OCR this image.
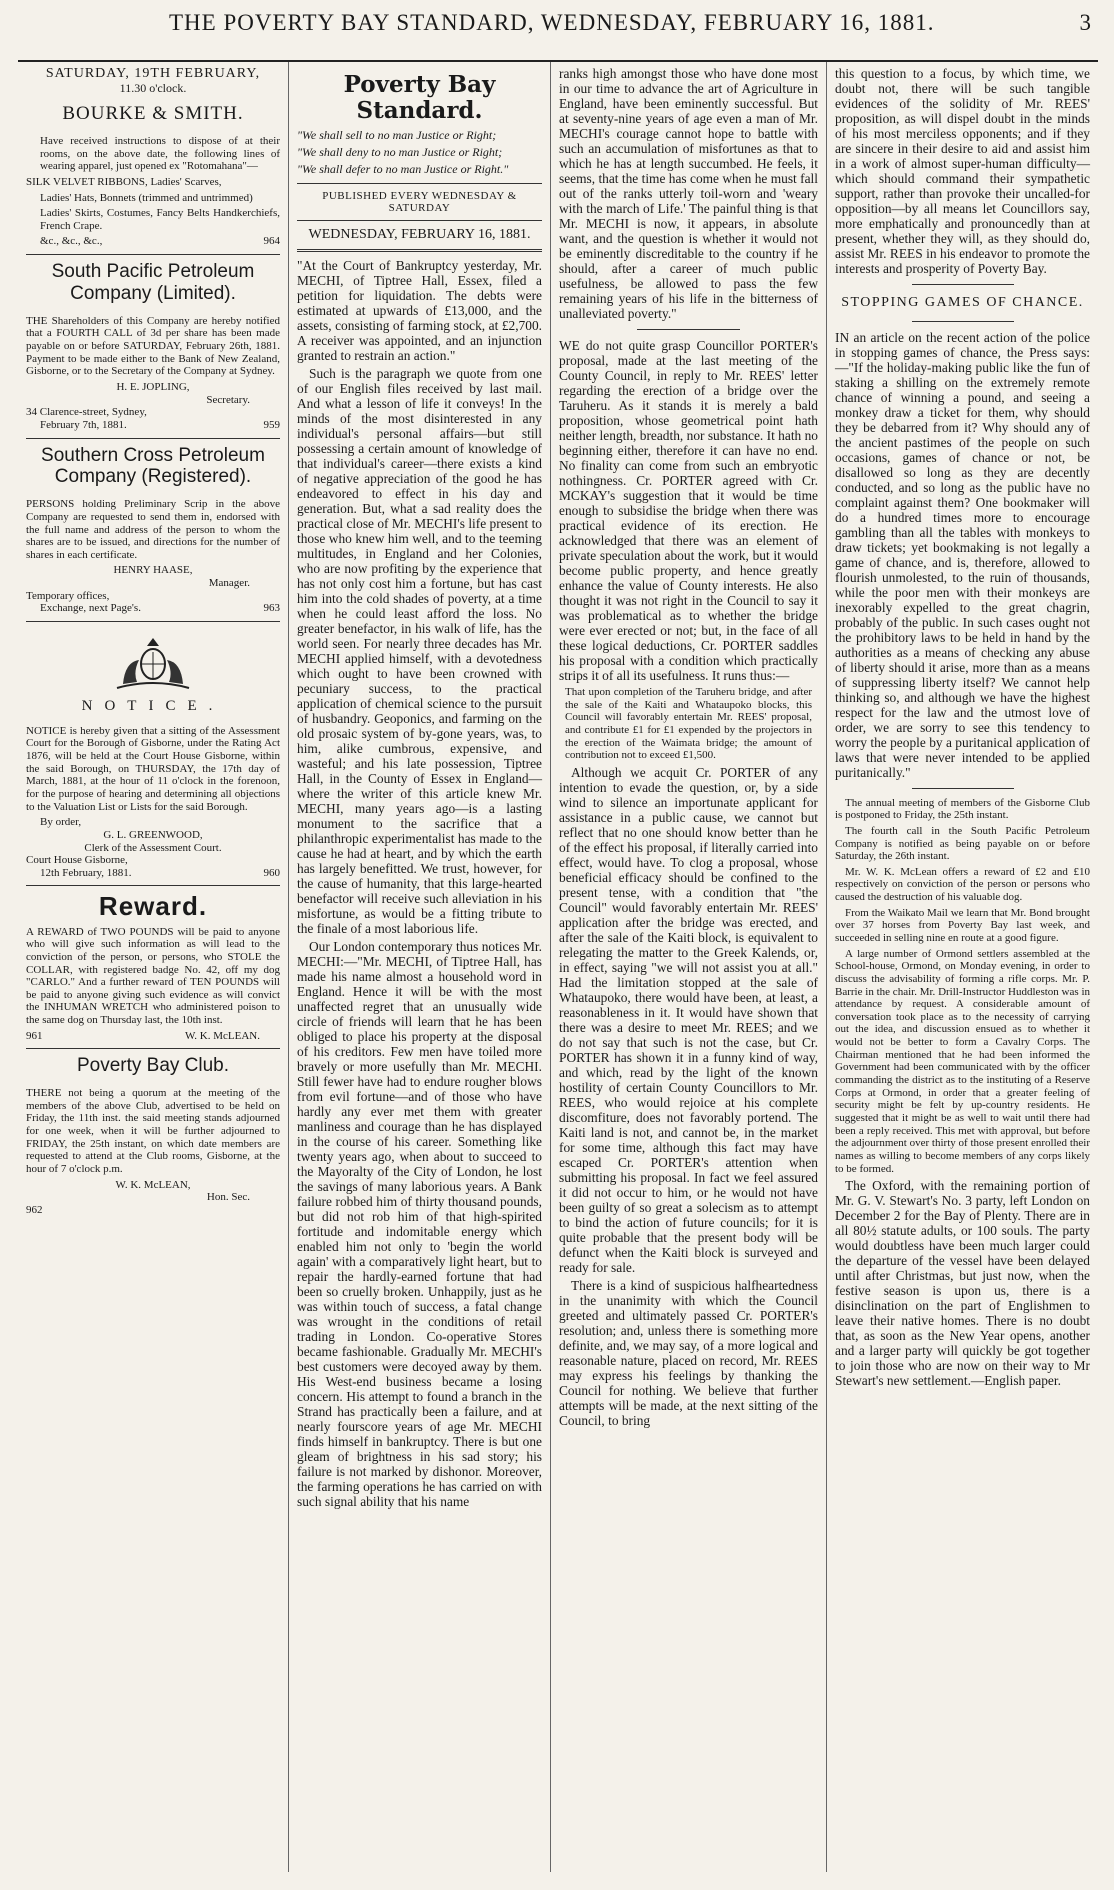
THE POVERTY BAY STANDARD, WEDNESDAY, FEBRUARY 16, 1881.	3
SATURDAY, 19TH FEBRUARY,
11.30 o'clock.
BOURKE & SMITH.

Have received instructions to dispose of at their rooms, on the above date, the following lines of wearing apparel, just opened ex "Rotomahana"—

SILK VELVET RIBBONS, Ladies' Scarves,

Ladies' Hats, Bonnets (trimmed and untrimmed)

Ladies' Skirts, Costumes, Fancy Belts Handkerchiefs, French Crape.

&c., &c., &c.,	964
South Pacific Petroleum Company (Limited).

THE Shareholders of this Company are hereby notified that a FOURTH CALL of 3d per share has been made payable on or before SATURDAY, February 26th, 1881. Payment to be made either to the Bank of New Zealand, Gisborne, or to the Secretary of the Company at Sydney.

H. E. JOPLING,
Secretary.
34 Clarence-street, Sydney,
February 7th, 1881.	959
Southern Cross Petroleum Company (Registered).

PERSONS holding Preliminary Scrip in the above Company are requested to send them in, endorsed with the full name and address of the person to whom the shares are to be issued, and directions for the number of shares in each certificate.

HENRY HAASE,
Manager.
Temporary offices,
Exchange, next Page's.	963
NOTICE.

NOTICE is hereby given that a sitting of the Assessment Court for the Borough of Gisborne, under the Rating Act 1876, will be held at the Court House Gisborne, within the said Borough, on THURSDAY, the 17th day of March, 1881, at the hour of 11 o'clock in the forenoon, for the purpose of hearing and determining all objections to the Valuation List or Lists for the said Borough.

By order,
G. L. GREENWOOD,
Clerk of the Assessment Court.
Court House Gisborne,
12th February, 1881.	960
Reward.

A REWARD of TWO POUNDS will be paid to anyone who will give such information as will lead to the conviction of the person, or persons, who STOLE the COLLAR, with registered badge No. 42, off my dog "CARLO." And a further reward of TEN POUNDS will be paid to anyone giving such evidence as will convict the INHUMAN WRETCH who administered poison to the same dog on Thursday last, the 10th inst.

961	W. K. McLEAN.
Poverty Bay Club.

THERE not being a quorum at the meeting of the members of the above Club, advertised to be held on Friday, the 11th inst. the said meeting stands adjourned for one week, when it will be further adjourned to FRIDAY, the 25th instant, on which date members are requested to attend at the Club rooms, Gisborne, at the hour of 7 o'clock p.m.

W. K. McLEAN,
Hon. Sec.
962
Poverty Bay Standard.
"We shall sell to no man Justice or Right;
"We shall deny to no man Justice or Right;
"We shall defer to no man Justice or Right."
PUBLISHED EVERY WEDNESDAY & SATURDAY
WEDNESDAY, FEBRUARY 16, 1881.

"At the Court of Bankruptcy yesterday, Mr. MECHI, of Tiptree Hall, Essex, filed a petition for liquidation. The debts were estimated at upwards of £13,000, and the assets, consisting of farming stock, at £2,700. A receiver was appointed, and an injunction granted to restrain an action."

Such is the paragraph we quote from one of our English files received by last mail. And what a lesson of life it conveys! In the minds of the most disinterested in any individual's personal affairs—but still possessing a certain amount of knowledge of that individual's career—there exists a kind of negative appreciation of the good he has endeavored to effect in his day and generation. But, what a sad reality does the practical close of Mr. MECHI's life present to those who knew him well, and to the teeming multitudes, in England and her Colonies, who are now profiting by the experience that has not only cost him a fortune, but has cast him into the cold shades of poverty, at a time when he could least afford the loss. No greater benefactor, in his walk of life, has the world seen. For nearly three decades has Mr. MECHI applied himself, with a devotedness which ought to have been crowned with pecuniary success, to the practical application of chemical science to the pursuit of husbandry. Geoponics, and farming on the old prosaic system of by-gone years, was, to him, alike cumbrous, expensive, and wasteful; and his late possession, Tiptree Hall, in the County of Essex in England—where the writer of this article knew Mr. MECHI, many years ago—is a lasting monument to the sacrifice that a philanthropic experimentalist has made to the cause he had at heart, and by which the earth has largely benefitted. We trust, however, for the cause of humanity, that this large-hearted benefactor will receive such alleviation in his misfortune, as would be a fitting tribute to the finale of a most laborious life.

Our London contemporary thus notices Mr. MECHI:—"Mr. MECHI, of Tiptree Hall, has made his name almost a household word in England. Hence it will be with the most unaffected regret that an unusually wide circle of friends will learn that he has been obliged to place his property at the disposal of his creditors. Few men have toiled more bravely or more usefully than Mr. MECHI. Still fewer have had to endure rougher blows from evil fortune—and of those who have hardly any ever met them with greater manliness and courage than he has displayed in the course of his career. Something like twenty years ago, when about to succeed to the Mayoralty of the City of London, he lost the savings of many laborious years. A Bank failure robbed him of thirty thousand pounds, but did not rob him of that high-spirited fortitude and indomitable energy which enabled him not only to 'begin the world again' with a comparatively light heart, but to repair the hardly-earned fortune that had been so cruelly broken. Unhappily, just as he was within touch of success, a fatal change was wrought in the conditions of retail trading in London. Co-operative Stores became fashionable. Gradually Mr. MECHI's best customers were decoyed away by them. His West-end business became a losing concern. His attempt to found a branch in the Strand has practically been a failure, and at nearly fourscore years of age Mr. MECHI finds himself in bankruptcy. There is but one gleam of brightness in his sad story; his failure is not marked by dishonor. Moreover, the farming operations he has carried on with such signal ability that his name

ranks high amongst those who have done most in our time to advance the art of Agriculture in England, have been eminently successful. But at seventy-nine years of age even a man of Mr. MECHI's courage cannot hope to battle with such an accumulation of misfortunes as that to which he has at length succumbed. He feels, it seems, that the time has come when he must fall out of the ranks utterly toil-worn and 'weary with the march of Life.' The painful thing is that Mr. MECHI is now, it appears, in absolute want, and the question is whether it would not be eminently discreditable to the country if he should, after a career of much public usefulness, be allowed to pass the few remaining years of his life in the bitterness of unalleviated poverty."

WE do not quite grasp Councillor PORTER's proposal, made at the last meeting of the County Council, in reply to Mr. REES' letter regarding the erection of a bridge over the Taruheru. As it stands it is merely a bald proposition, whose geometrical point hath neither length, breadth, nor substance. It hath no beginning either, therefore it can have no end. No finality can come from such an embryotic nothingness. Cr. PORTER agreed with Cr. MCKAY's suggestion that it would be time enough to subsidise the bridge when there was practical evidence of its erection. He acknowledged that there was an element of private speculation about the work, but it would become public property, and hence greatly enhance the value of County interests. He also thought it was not right in the Council to say it was problematical as to whether the bridge were ever erected or not; but, in the face of all these logical deductions, Cr. PORTER saddles his proposal with a condition which practically strips it of all its usefulness. It runs thus:—

That upon completion of the Taruheru bridge, and after the sale of the Kaiti and Whataupoko blocks, this Council will favorably entertain Mr. REES' proposal, and contribute £1 for £1 expended by the projectors in the erection of the Waimata bridge; the amount of contribution not to exceed £1,500.

Although we acquit Cr. PORTER of any intention to evade the question, or, by a side wind to silence an importunate applicant for assistance in a public cause, we cannot but reflect that no one should know better than he of the effect his proposal, if literally carried into effect, would have. To clog a proposal, whose beneficial efficacy should be confined to the present tense, with a condition that "the Council" would favorably entertain Mr. REES' application after the bridge was erected, and after the sale of the Kaiti block, is equivalent to relegating the matter to the Greek Kalends, or, in effect, saying "we will not assist you at all." Had the limitation stopped at the sale of Whataupoko, there would have been, at least, a reasonableness in it. It would have shown that there was a desire to meet Mr. REES; and we do not say that such is not the case, but Cr. PORTER has shown it in a funny kind of way, and which, read by the light of the known hostility of certain County Councillors to Mr. REES, who would rejoice at his complete discomfiture, does not favorably portend. The Kaiti land is not, and cannot be, in the market for some time, although this fact may have escaped Cr. PORTER's attention when submitting his proposal. In fact we feel assured it did not occur to him, or he would not have been guilty of so great a solecism as to attempt to bind the action of future councils; for it is quite probable that the present body will be defunct when the Kaiti block is surveyed and ready for sale.

There is a kind of suspicious halfheartedness in the unanimity with which the Council greeted and ultimately passed Cr. PORTER's resolution; and, unless there is something more definite, and, we may say, of a more logical and reasonable nature, placed on record, Mr. REES may express his feelings by thanking the Council for nothing. We believe that further attempts will be made, at the next sitting of the Council, to bring

this question to a focus, by which time, we doubt not, there will be such tangible evidences of the solidity of Mr. REES' proposition, as will dispel doubt in the minds of his most merciless opponents; and if they are sincere in their desire to aid and assist him in a work of almost super-human difficulty—which should command their sympathetic support, rather than provoke their uncalled-for opposition—by all means let Councillors say, more emphatically and pronouncedly than at present, whether they will, as they should do, assist Mr. REES in his endeavor to promote the interests and prosperity of Poverty Bay.

STOPPING GAMES OF CHANCE.

IN an article on the recent action of the police in stopping games of chance, the Press says:—"If the holiday-making public like the fun of staking a shilling on the extremely remote chance of winning a pound, and seeing a monkey draw a ticket for them, why should they be debarred from it? Why should any of the ancient pastimes of the people on such occasions, games of chance or not, be disallowed so long as they are decently conducted, and so long as the public have no complaint against them? One bookmaker will do a hundred times more to encourage gambling than all the tables with monkeys to draw tickets; yet bookmaking is not legally a game of chance, and is, therefore, allowed to flourish unmolested, to the ruin of thousands, while the poor men with their monkeys are inexorably expelled to the great chagrin, probably of the public. In such cases ought not the prohibitory laws to be held in hand by the authorities as a means of checking any abuse of liberty should it arise, more than as a means of suppressing liberty itself? We cannot help thinking so, and although we have the highest respect for the law and the utmost love of order, we are sorry to see this tendency to worry the people by a puritanical application of laws that were never intended to be applied puritanically."

The annual meeting of members of the Gisborne Club is postponed to Friday, the 25th instant.

The fourth call in the South Pacific Petroleum Company is notified as being payable on or before Saturday, the 26th instant.

Mr. W. K. McLean offers a reward of £2 and £10 respectively on conviction of the person or persons who caused the destruction of his valuable dog.

From the Waikato Mail we learn that Mr. Bond brought over 37 horses from Poverty Bay last week, and succeeded in selling nine en route at a good figure.

A large number of Ormond settlers assembled at the School-house, Ormond, on Monday evening, in order to discuss the advisability of forming a rifle corps. Mr. P. Barrie in the chair. Mr. Drill-Instructor Huddleston was in attendance by request. A considerable amount of conversation took place as to the necessity of carrying out the idea, and discussion ensued as to whether it would not be better to form a Cavalry Corps. The Chairman mentioned that he had been informed the Government had been communicated with by the officer commanding the district as to the instituting of a Reserve Corps at Ormond, in order that a greater feeling of security might be felt by up-country residents. He suggested that it might be as well to wait until there had been a reply received. This met with approval, but before the adjournment over thirty of those present enrolled their names as willing to become members of any corps likely to be formed.

The Oxford, with the remaining portion of Mr. G. V. Stewart's No. 3 party, left London on December 2 for the Bay of Plenty. There are in all 80½ statute adults, or 100 souls. The party would doubtless have been much larger could the departure of the vessel have been delayed until after Christmas, but just now, when the festive season is upon us, there is a disinclination on the part of Englishmen to leave their native homes. There is no doubt that, as soon as the New Year opens, another and a larger party will quickly be got together to join those who are now on their way to Mr Stewart's new settlement.—English paper.
